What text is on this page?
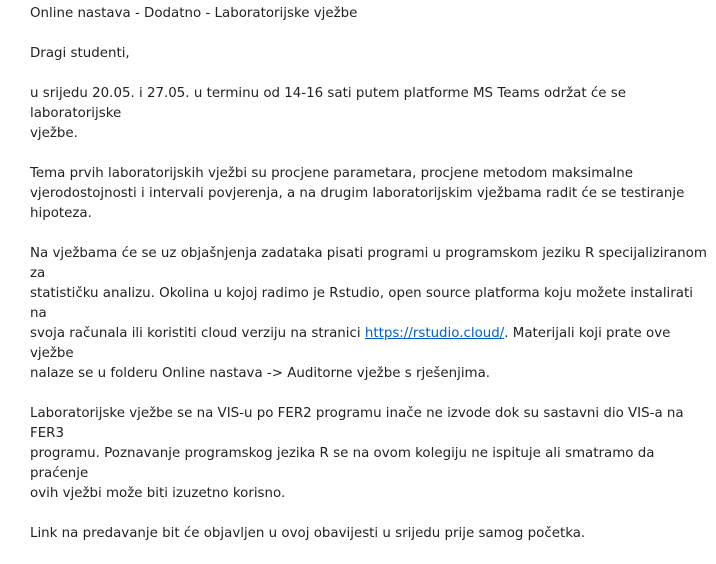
Online nastava - Dodatno - Laboratorijske vježbe
Dragi studenti,
u srijedu 20.05. i 27.05. u terminu od 14-16 sati putem platforme MS Teams održat će se laboratorijske
vježbe.
Tema prvih laboratorijskih vježbi su procjene parametara, procjene metodom maksimalne
vjerodostojnosti i intervali povjerenja, a na drugim laboratorijskim vježbama radit će se testiranje
hipoteza.
Na vježbama će se uz objašnjenja zadataka pisati programi u programskom jeziku R specijaliziranom za
statističku analizu. Okolina u kojoj radimo je Rstudio, open source platforma koju možete instalirati na
svoja računala ili koristiti cloud verziju na stranici https://rstudio.cloud/. Materijali koji prate ove vježbe
nalaze se u folderu Online nastava -> Auditorne vježbe s rješenjima.
Laboratorijske vježbe se na VIS-u po FER2 programu inače ne izvode dok su sastavni dio VIS-a na FER3
programu. Poznavanje programskog jezika R se na ovom kolegiju ne ispituje ali smatramo da praćenje
ovih vježbi može biti izuzetno korisno.
Link na predavanje bit će objavljen u ovoj obavijesti u srijedu prije samog početka.
